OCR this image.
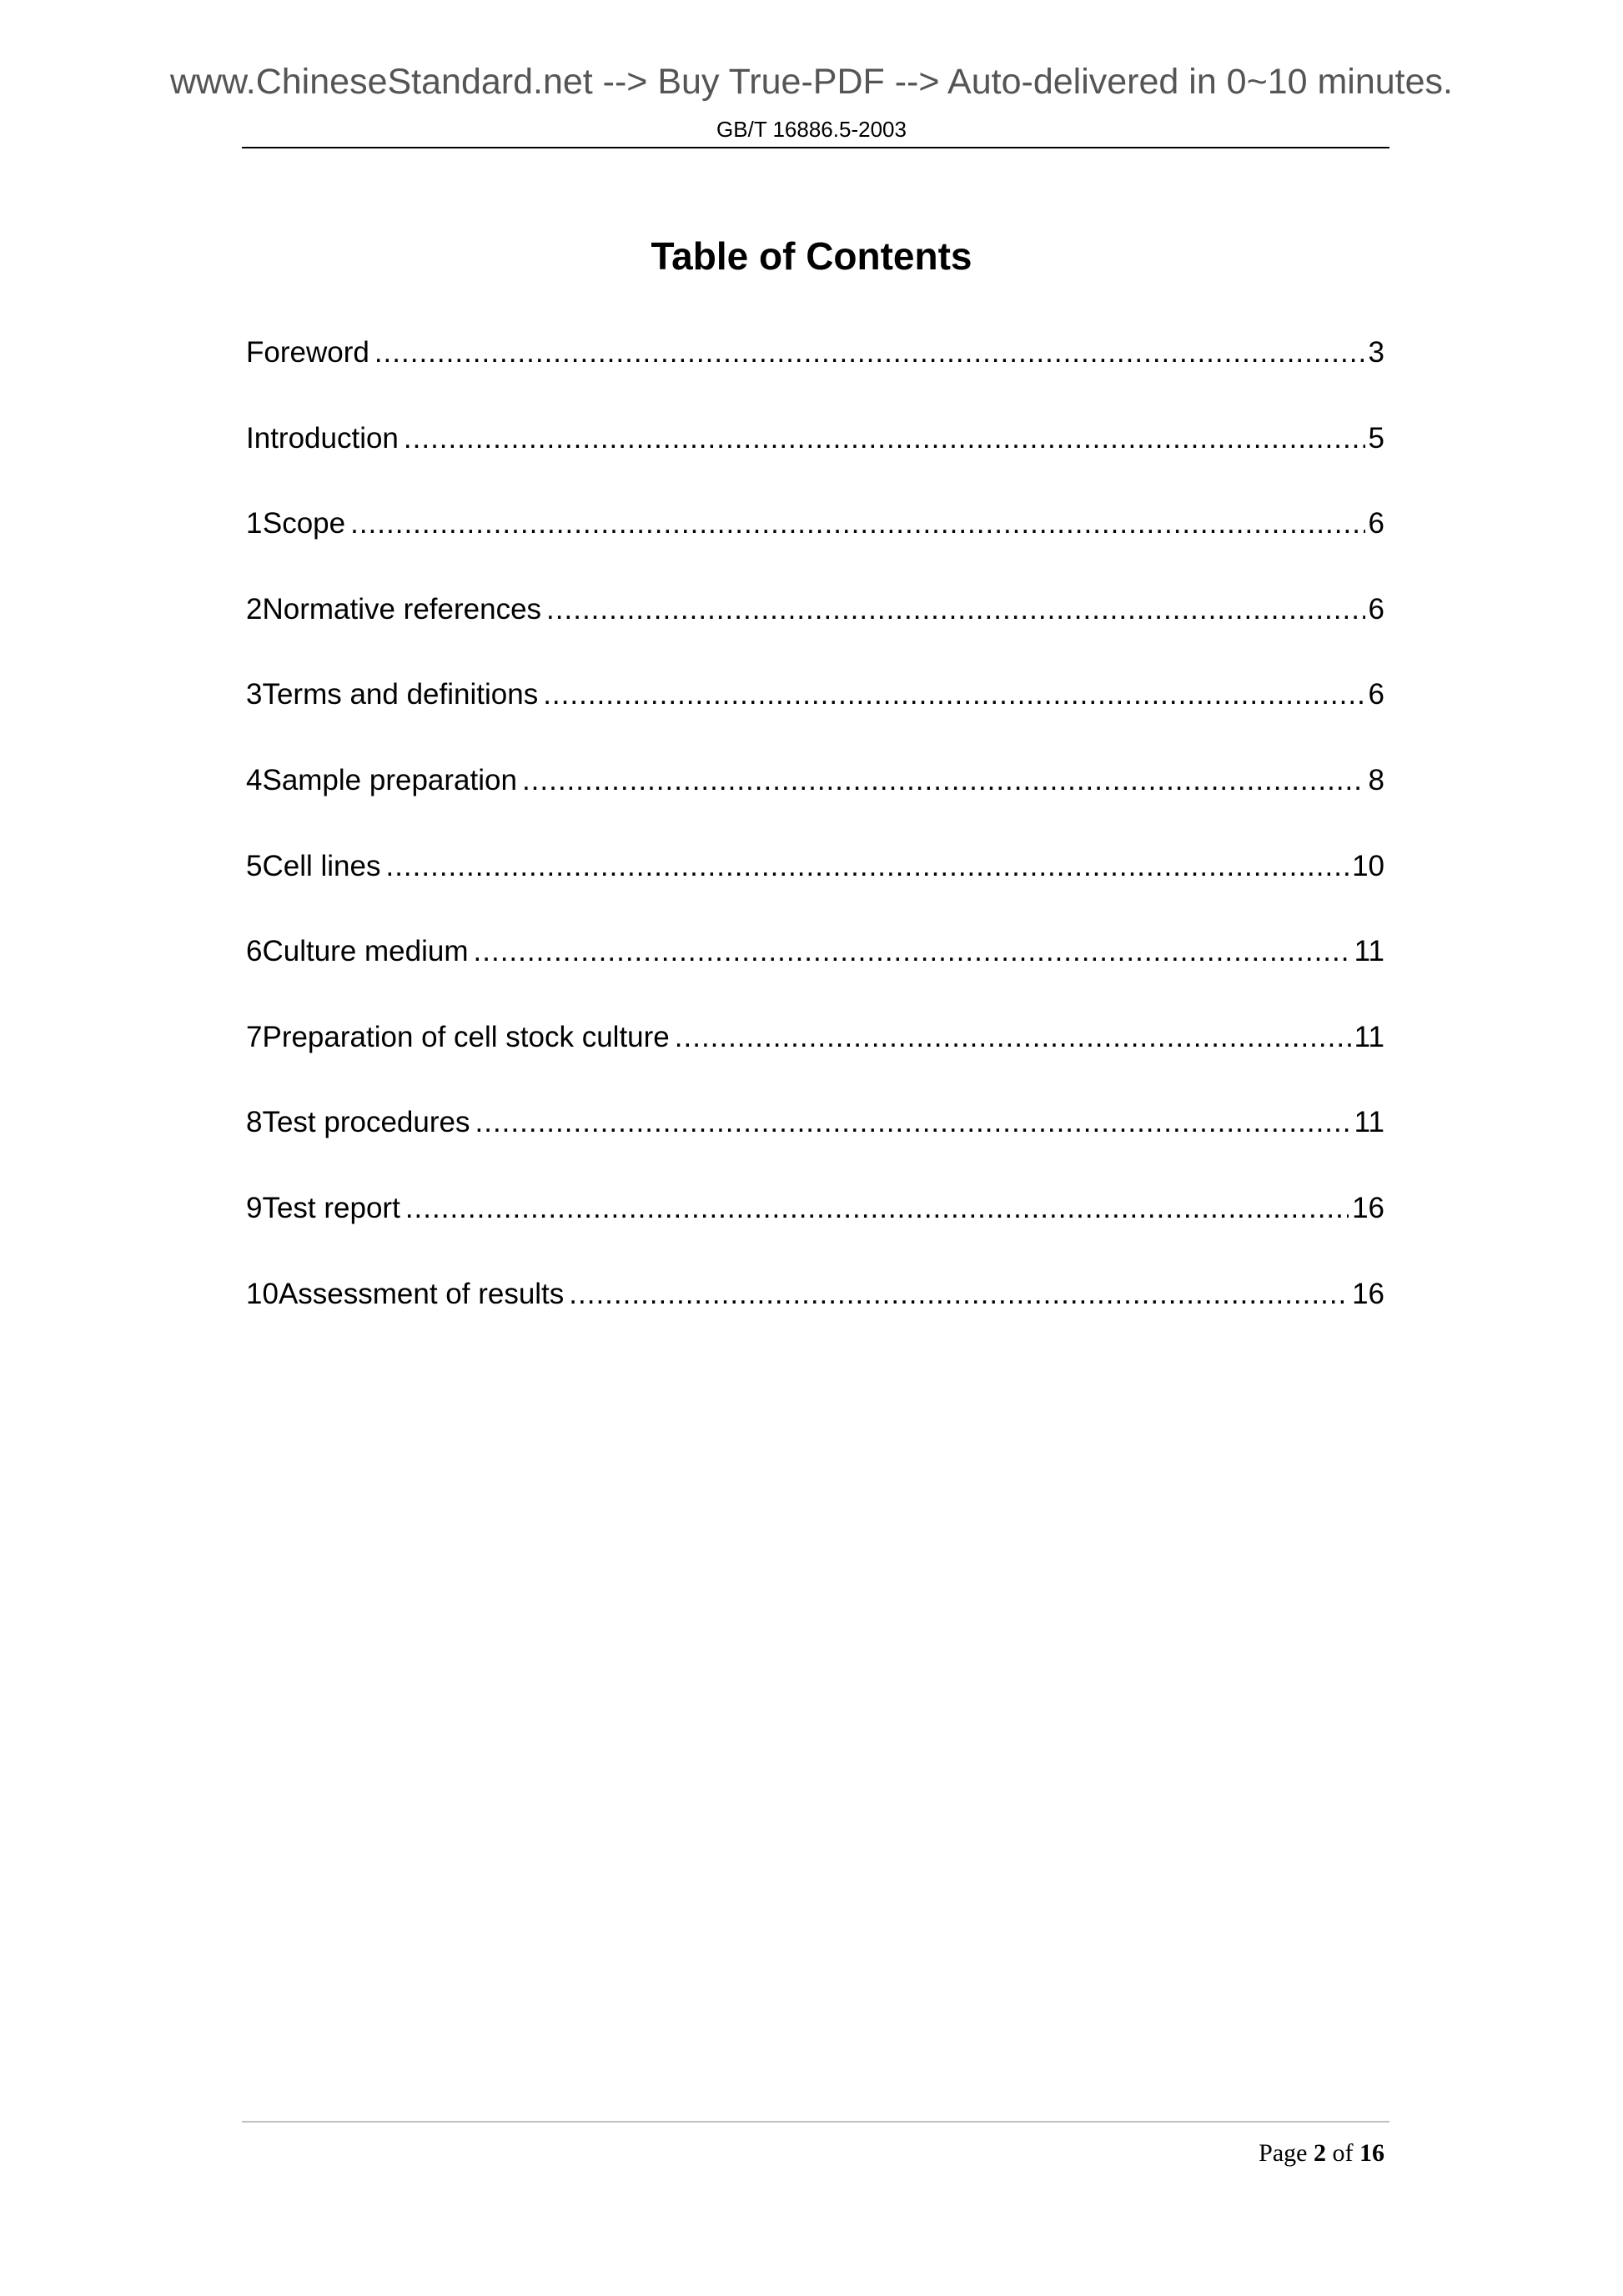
www.ChineseStandard.net --> Buy True-PDF --> Auto-delivered in 0~10 minutes.
GB/T 16886.5-2003
Table of Contents
Foreword .....	3
Introduction .....	5
1 Scope .....	6
2 Normative references .....	6
3 Terms and definitions .....	6
4 Sample preparation .....	8
5 Cell lines .....	10
6 Culture medium .....	11
7 Preparation of cell stock culture .....	11
8 Test procedures .....	11
9 Test report .....	16
10 Assessment of results .....	16
Page 2 of 16
